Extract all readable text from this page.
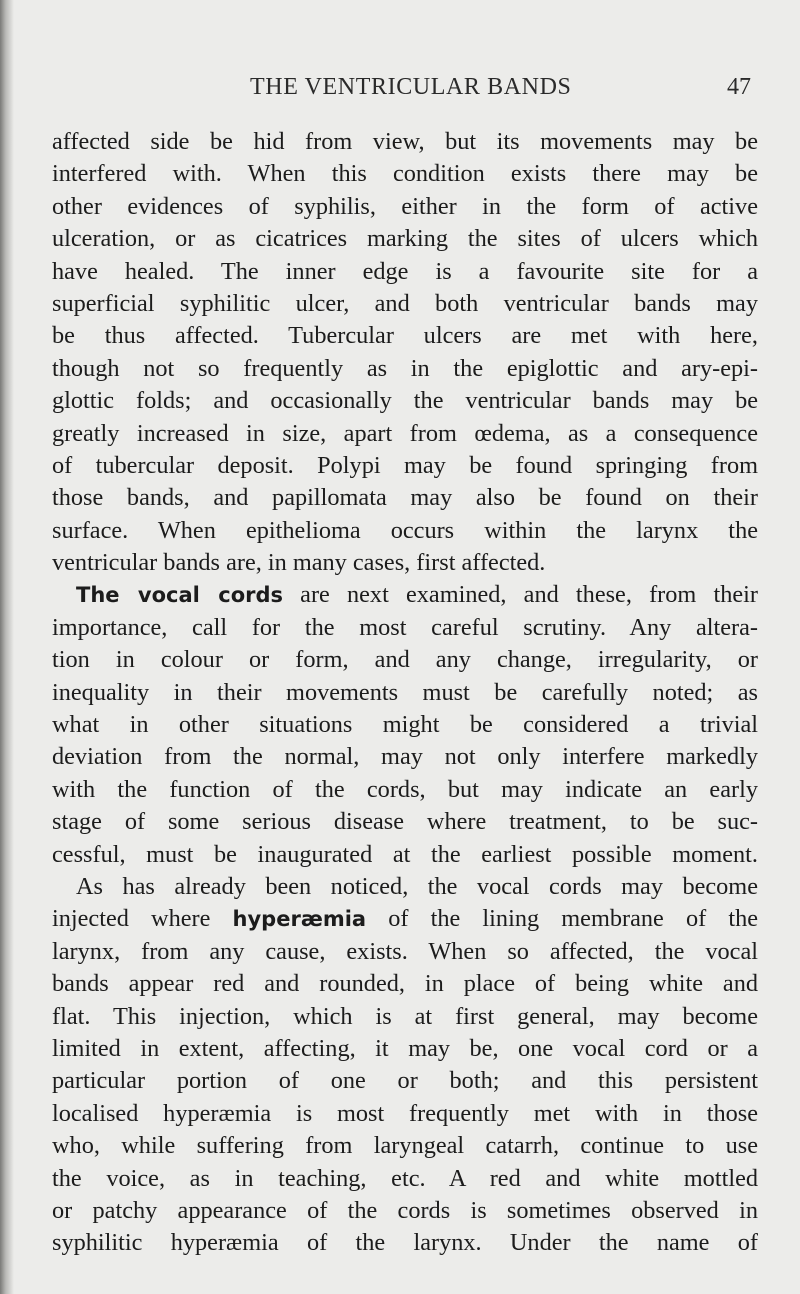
THE VENTRICULAR BANDS	47
affected side be hid from view, but its movements may be
interfered with. When this condition exists there may be
other evidences of syphilis, either in the form of active
ulceration, or as cicatrices marking the sites of ulcers which
have healed. The inner edge is a favourite site for a
superficial syphilitic ulcer, and both ventricular bands may
be thus affected. Tubercular ulcers are met with here,
though not so frequently as in the epiglottic and ary-epi-
glottic folds; and occasionally the ventricular bands may be
greatly increased in size, apart from œdema, as a consequence
of tubercular deposit. Polypi may be found springing from
those bands, and papillomata may also be found on their
surface. When epithelioma occurs within the larynx the
ventricular bands are, in many cases, first affected.
The vocal cords are next examined, and these, from their
importance, call for the most careful scrutiny. Any altera-
tion in colour or form, and any change, irregularity, or
inequality in their movements must be carefully noted; as
what in other situations might be considered a trivial
deviation from the normal, may not only interfere markedly
with the function of the cords, but may indicate an early
stage of some serious disease where treatment, to be suc-
cessful, must be inaugurated at the earliest possible moment.
As has already been noticed, the vocal cords may become
injected where hyperæmia of the lining membrane of the
larynx, from any cause, exists. When so affected, the vocal
bands appear red and rounded, in place of being white and
flat. This injection, which is at first general, may become
limited in extent, affecting, it may be, one vocal cord or a
particular portion of one or both; and this persistent
localised hyperæmia is most frequently met with in those
who, while suffering from laryngeal catarrh, continue to use
the voice, as in teaching, etc. A red and white mottled
or patchy appearance of the cords is sometimes observed in
syphilitic hyperæmia of the larynx. Under the name of
